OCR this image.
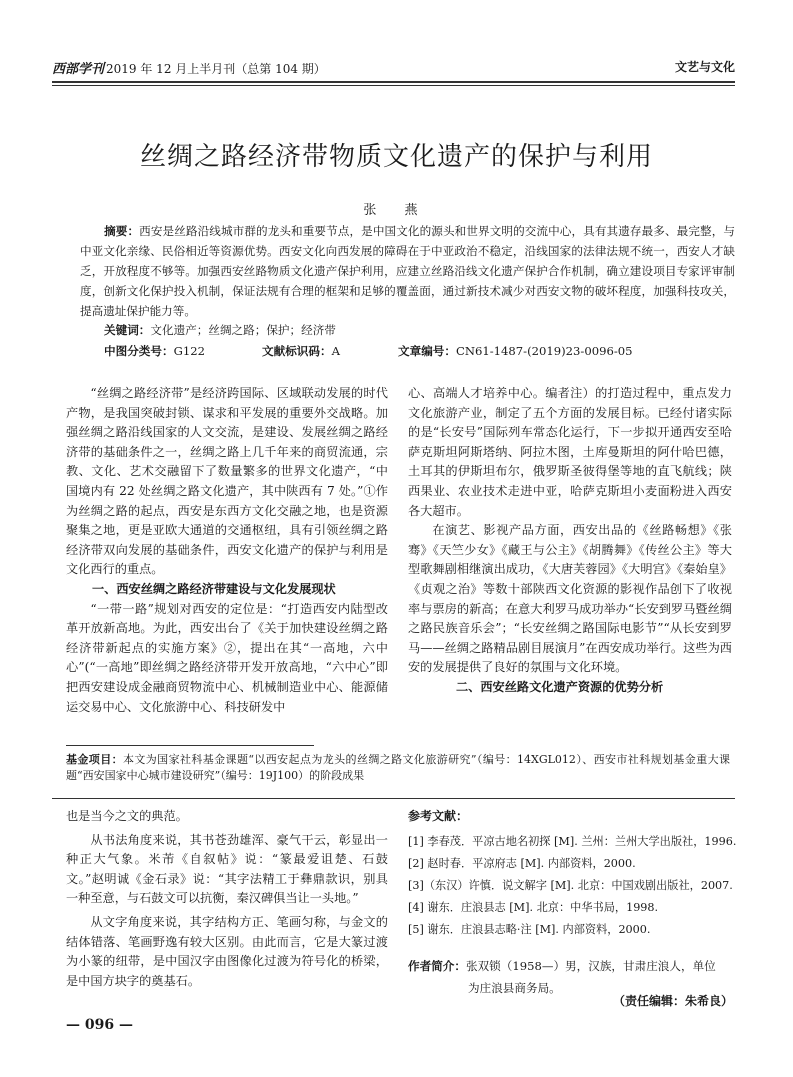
西部学刊 2019 年 12 月上半月刊（总第 104 期）	文艺与文化
丝绸之路经济带物质文化遗产的保护与利用
张 燕
摘要：西安是丝路沿线城市群的龙头和重要节点，是中国文化的源头和世界文明的交流中心，具有其遗存最多、最完整，与中亚文化亲缘、民俗相近等资源优势。西安文化向西发展的障碍在于中亚政治不稳定，沿线国家的法律法规不统一，西安人才缺乏，开放程度不够等。加强西安丝路物质文化遗产保护利用，应建立丝路沿线文化遗产保护合作机制，确立建设项目专家评审制度，创新文化保护投入机制，保证法规有合理的框架和足够的覆盖面，通过新技术减少对西安文物的破坏程度，加强科技攻关，提高遗址保护能力等。
关键词：文化遗产；丝绸之路；保护；经济带
中图分类号：G122	文献标识码：A	文章编号：CN61-1487-(2019)23-0096-05

“丝绸之路经济带”是经济跨国际、区域联动发展的时代产物，是我国突破封锁、谋求和平发展的重要外交战略。加强丝绸之路沿线国家的人文交流，是建设、发展丝绸之路经济带的基础条件之一，丝绸之路上几千年来的商贸流通，宗教、文化、艺术交融留下了数量繁多的世界文化遗产，“中国境内有 22 处丝绸之路文化遗产，其中陕西有 7 处。”①作为丝绸之路的起点，西安是东西方文化交融之地，也是资源聚集之地，更是亚欧大通道的交通枢纽，具有引领丝绸之路经济带双向发展的基础条件，西安文化遗产的保护与利用是文化西行的重点。

一、西安丝绸之路经济带建设与文化发展现状

“一带一路”规划对西安的定位是：“打造西安内陆型改革开放新高地。为此，西安出台了《关于加快建设丝绸之路经济带新起点的实施方案》②，提出在其“一高地，六中心”(“一高地”即丝绸之路经济带开发开放高地，“六中心”即把西安建设成金融商贸物流中心、机械制造业中心、能源储运交易中心、文化旅游中心、科技研发中

心、高端人才培养中心。编者注）的打造过程中，重点发力文化旅游产业，制定了五个方面的发展目标。已经付诸实际的是“长安号”国际列车常态化运行，下一步拟开通西安至哈萨克斯坦阿斯塔纳、阿拉木图，土库曼斯坦的阿什哈巴德，土耳其的伊斯坦布尔，俄罗斯圣彼得堡等地的直飞航线；陕西果业、农业技术走进中亚，哈萨克斯坦小麦面粉进入西安各大超市。

在演艺、影视产品方面，西安出品的《丝路畅想》《张骞》《天竺少女》《藏王与公主》《胡腾舞》《传丝公主》等大型歌舞剧相继演出成功，《大唐芙蓉园》《大明宫》《秦始皇》《贞观之治》等数十部陕西文化资源的影视作品创下了收视率与票房的新高；在意大利罗马成功举办“长安到罗马暨丝绸之路民族音乐会”；“长安丝绸之路国际电影节”“从长安到罗马——丝绸之路精品剧目展演月”在西安成功举行。这些为西安的发展提供了良好的氛围与文化环境。

二、西安丝路文化遗产资源的优势分析

基金项目：本文为国家社科基金课题“以西安起点为龙头的丝绸之路文化旅游研究”（编号：14XGL012）、西安市社科规划基金重大课题“西安国家中心城市建设研究”（编号：19J100）的阶段成果

也是当今之文的典范。

从书法角度来说，其书苍劲雄浑、豪气干云，彰显出一种正大气象。米芾《自叙帖》说：“篆最爱诅楚、石鼓文。”赵明诚《金石录》说：“其字法精工于彝鼎款识，别具一种至意，与石鼓文可以抗衡，秦汉碑俱当让一头地。”

从文字角度来说，其字结构方正、笔画匀称，与金文的结体错落、笔画野逸有较大区别。由此而言，它是大篆过渡为小篆的纽带，是中国汉字由图像化过渡为符号化的桥梁，是中国方块字的奠基石。

参考文献：
[1] 李春茂．平凉古地名初探 [M]. 兰州：兰州大学出版社，1996.
[2] 赵时春．平凉府志 [M]. 内部资料，2000.
[3]（东汉）许慎．说文解字 [M]. 北京：中国戏剧出版社，2007.
[4] 谢东．庄浪县志 [M]. 北京：中华书局，1998.
[5] 谢东．庄浪县志略·注 [M]. 内部资料，2000.
作者简介：张双锁（1958—）男，汉族，甘肃庄浪人，单位
为庄浪县商务局。
（责任编辑：朱希良）
— 096 —
